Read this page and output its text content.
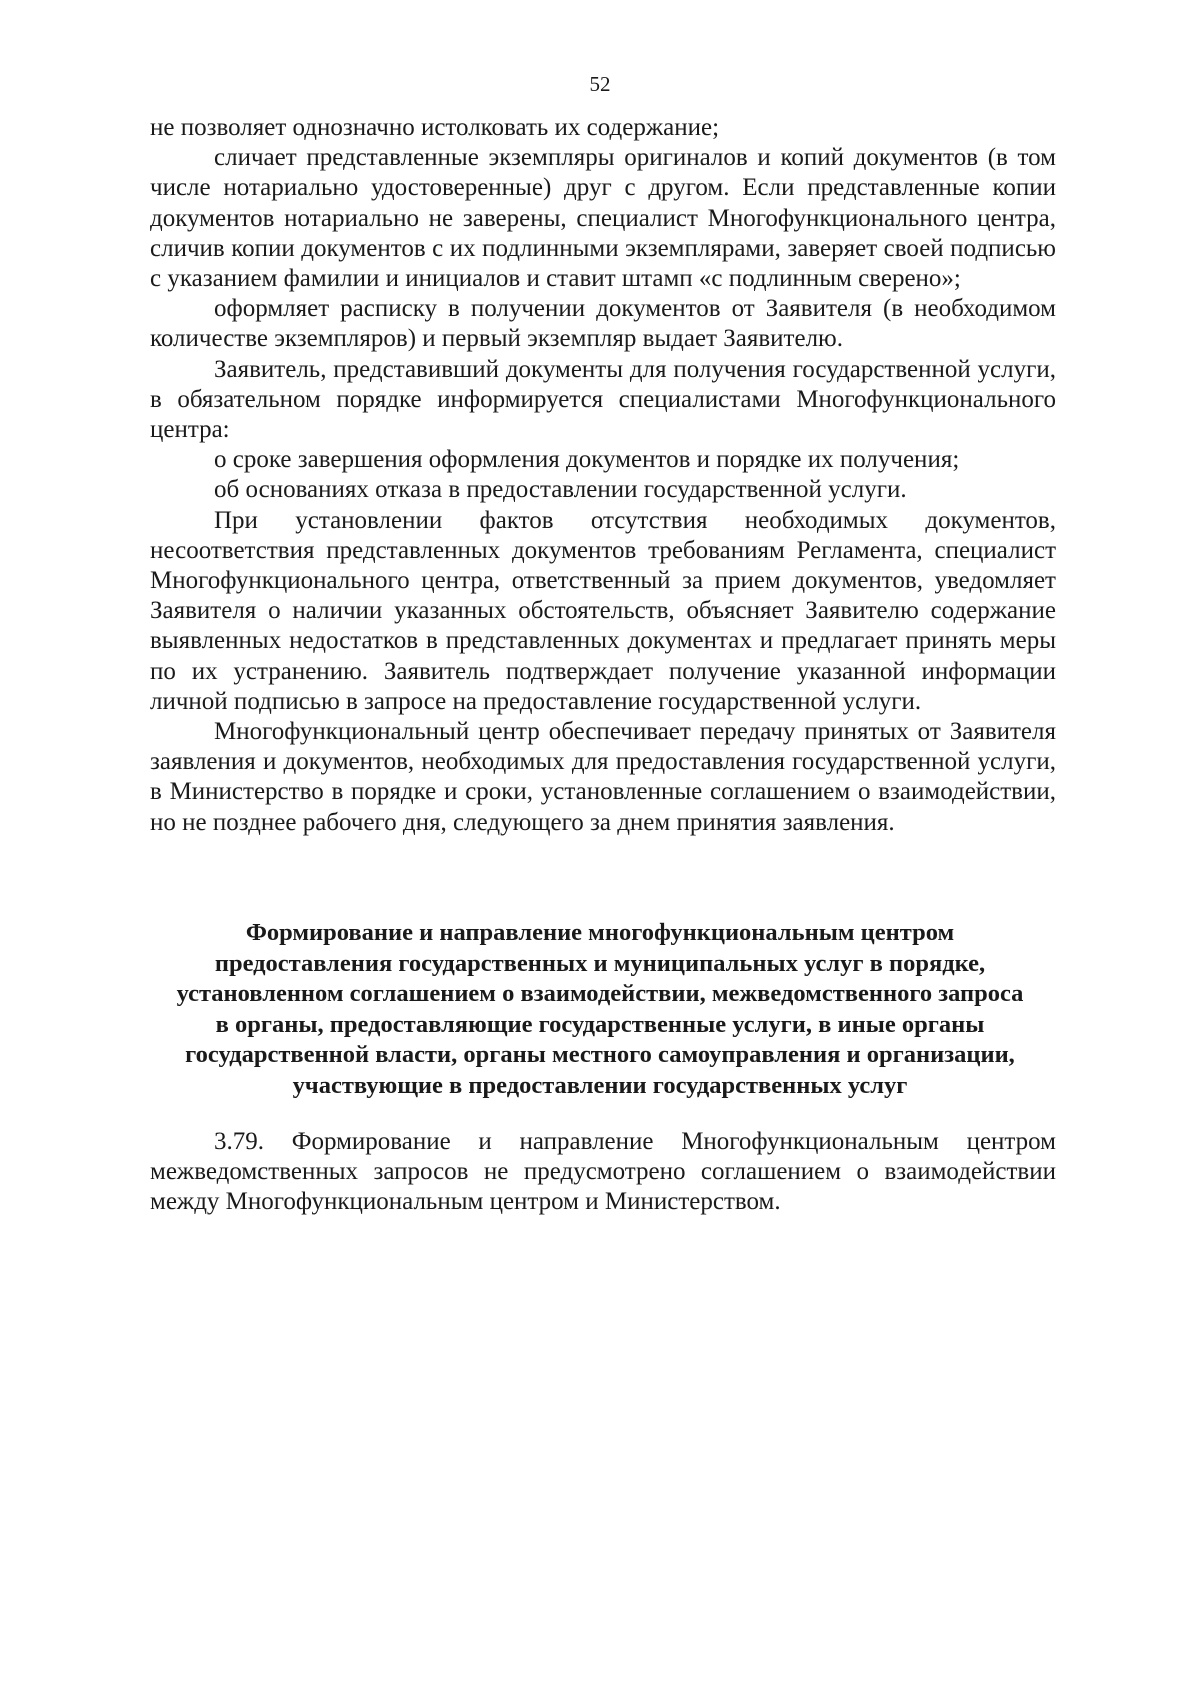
52

не позволяет однозначно истолковать их содержание;

сличает представленные экземпляры оригиналов и копий документов (в том числе нотариально удостоверенные) друг с другом. Если представленные копии документов нотариально не заверены, специалист Многофункционального центра, сличив копии документов с их подлинными экземплярами, заверяет своей подписью с указанием фамилии и инициалов и ставит штамп «с подлинным сверено»;

оформляет расписку в получении документов от Заявителя (в необходимом количестве экземпляров) и первый экземпляр выдает Заявителю.

Заявитель, представивший документы для получения государственной услуги, в обязательном порядке информируется специалистами Многофункционального центра:

о сроке завершения оформления документов и порядке их получения;

об основаниях отказа в предоставлении государственной услуги.

При установлении фактов отсутствия необходимых документов, несоответствия представленных документов требованиям Регламента, специалист Многофункционального центра, ответственный за прием документов, уведомляет Заявителя о наличии указанных обстоятельств, объясняет Заявителю содержание выявленных недостатков в представленных документах и предлагает принять меры по их устранению. Заявитель подтверждает получение указанной информации личной подписью в запросе на предоставление государственной услуги.

Многофункциональный центр обеспечивает передачу принятых от Заявителя заявления и документов, необходимых для предоставления государственной услуги, в Министерство в порядке и сроки, установленные соглашением о взаимодействии, но не позднее рабочего дня, следующего за днем принятия заявления.

Формирование и направление многофункциональным центром
предоставления государственных и муниципальных услуг в порядке,
установленном соглашением о взаимодействии, межведомственного запроса
в органы, предоставляющие государственные услуги, в иные органы
государственной власти, органы местного самоуправления и организации,
участвующие в предоставлении государственных услуг

3.79. Формирование и направление Многофункциональным центром межведомственных запросов не предусмотрено соглашением о взаимодействии между Многофункциональным центром и Министерством.
